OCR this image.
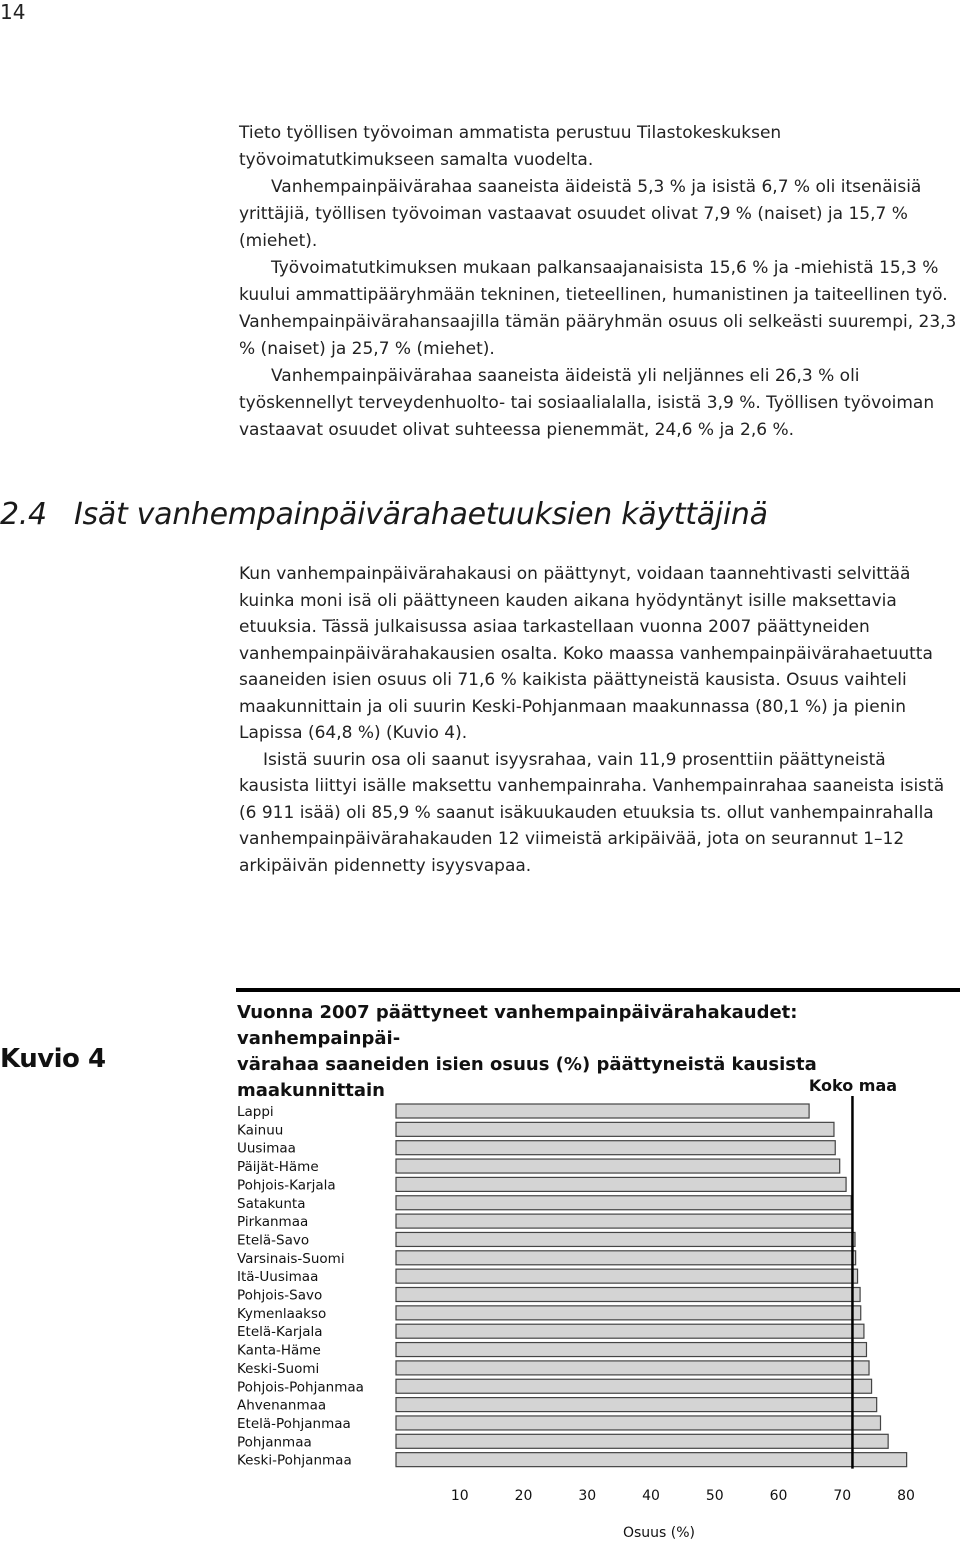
14

Tieto työllisen työvoiman ammatista perustuu Tilastokeskuksen työvoimatutkimukseen samalta vuodelta.

Vanhempainpäivärahaa saaneista äideistä 5,3 % ja isistä 6,7 % oli itsenäisiä yrittäjiä, työllisen työvoiman vastaavat osuudet olivat 7,9 % (naiset) ja 15,7 % (miehet).

Työvoimatutkimuksen mukaan palkansaajanaisista 15,6 % ja -miehistä 15,3 % kuului ammattipääryhmään tekninen, tieteellinen, humanistinen ja taiteellinen työ. Vanhempainpäivärahansaajilla tämän pääryhmän osuus oli selkeästi suurempi, 23,3 % (naiset) ja 25,7 % (miehet).

Vanhempainpäivärahaa saaneista äideistä yli neljännes eli 26,3 % oli työskennellyt terveydenhuolto- tai sosiaalialalla, isistä 3,9 %. Työllisen työvoiman vastaavat osuudet olivat suhteessa pienemmät, 24,6 % ja 2,6 %.

2.4 Isät vanhempainpäivärahaetuuksien käyttäjinä

Kun vanhempainpäivärahakausi on päättynyt, voidaan taannehtivasti selvittää kuinka moni isä oli päättyneen kauden aikana hyödyntänyt isille maksettavia etuuksia. Tässä julkaisussa asiaa tarkastellaan vuonna 2007 päättyneiden vanhempainpäivärahakausien osalta. Koko maassa vanhempainpäivärahaetuutta saaneiden isien osuus oli 71,6 % kaikista päättyneistä kausista. Osuus vaihteli maakunnittain ja oli suurin Keski-Pohjanmaan maakunnassa (80,1 %) ja pienin Lapissa (64,8 %) (Kuvio 4).

Isistä suurin osa oli saanut isyysrahaa, vain 11,9 prosenttiin päättyneistä kausista liittyi isälle maksettu vanhempainraha. Vanhempainrahaa saaneista isistä (6 911 isää) oli 85,9 % saanut isäkuukauden etuuksia ts. ollut vanhempainrahalla vanhempainpäivärahakauden 12 viimeistä arkipäivää, jota on seurannut 1–12 arkipäivän pidennetty isyysvapaa.

Kuvio 4
Vuonna 2007 päättyneet vanhempainpäivärahakaudet: vanhempainpäi-
värahaa saaneiden isien osuus (%) päättyneistä kausista maakunnittain
Lappi
Kainuu
Uusimaa
Päijät-Häme
Pohjois-Karjala
Satakunta
Pirkanmaa
Etelä-Savo
Varsinais-Suomi
Itä-Uusimaa
Pohjois-Savo
Kymenlaakso
Etelä-Karjala
Kanta-Häme
Keski-Suomi
Pohjois-Pohjanmaa
Ahvenanmaa
Etelä-Pohjanmaa
Pohjanmaa
Keski-Pohjanmaa
Koko maa
10	20	30	40	50	60	70	80
Osuus (%)
